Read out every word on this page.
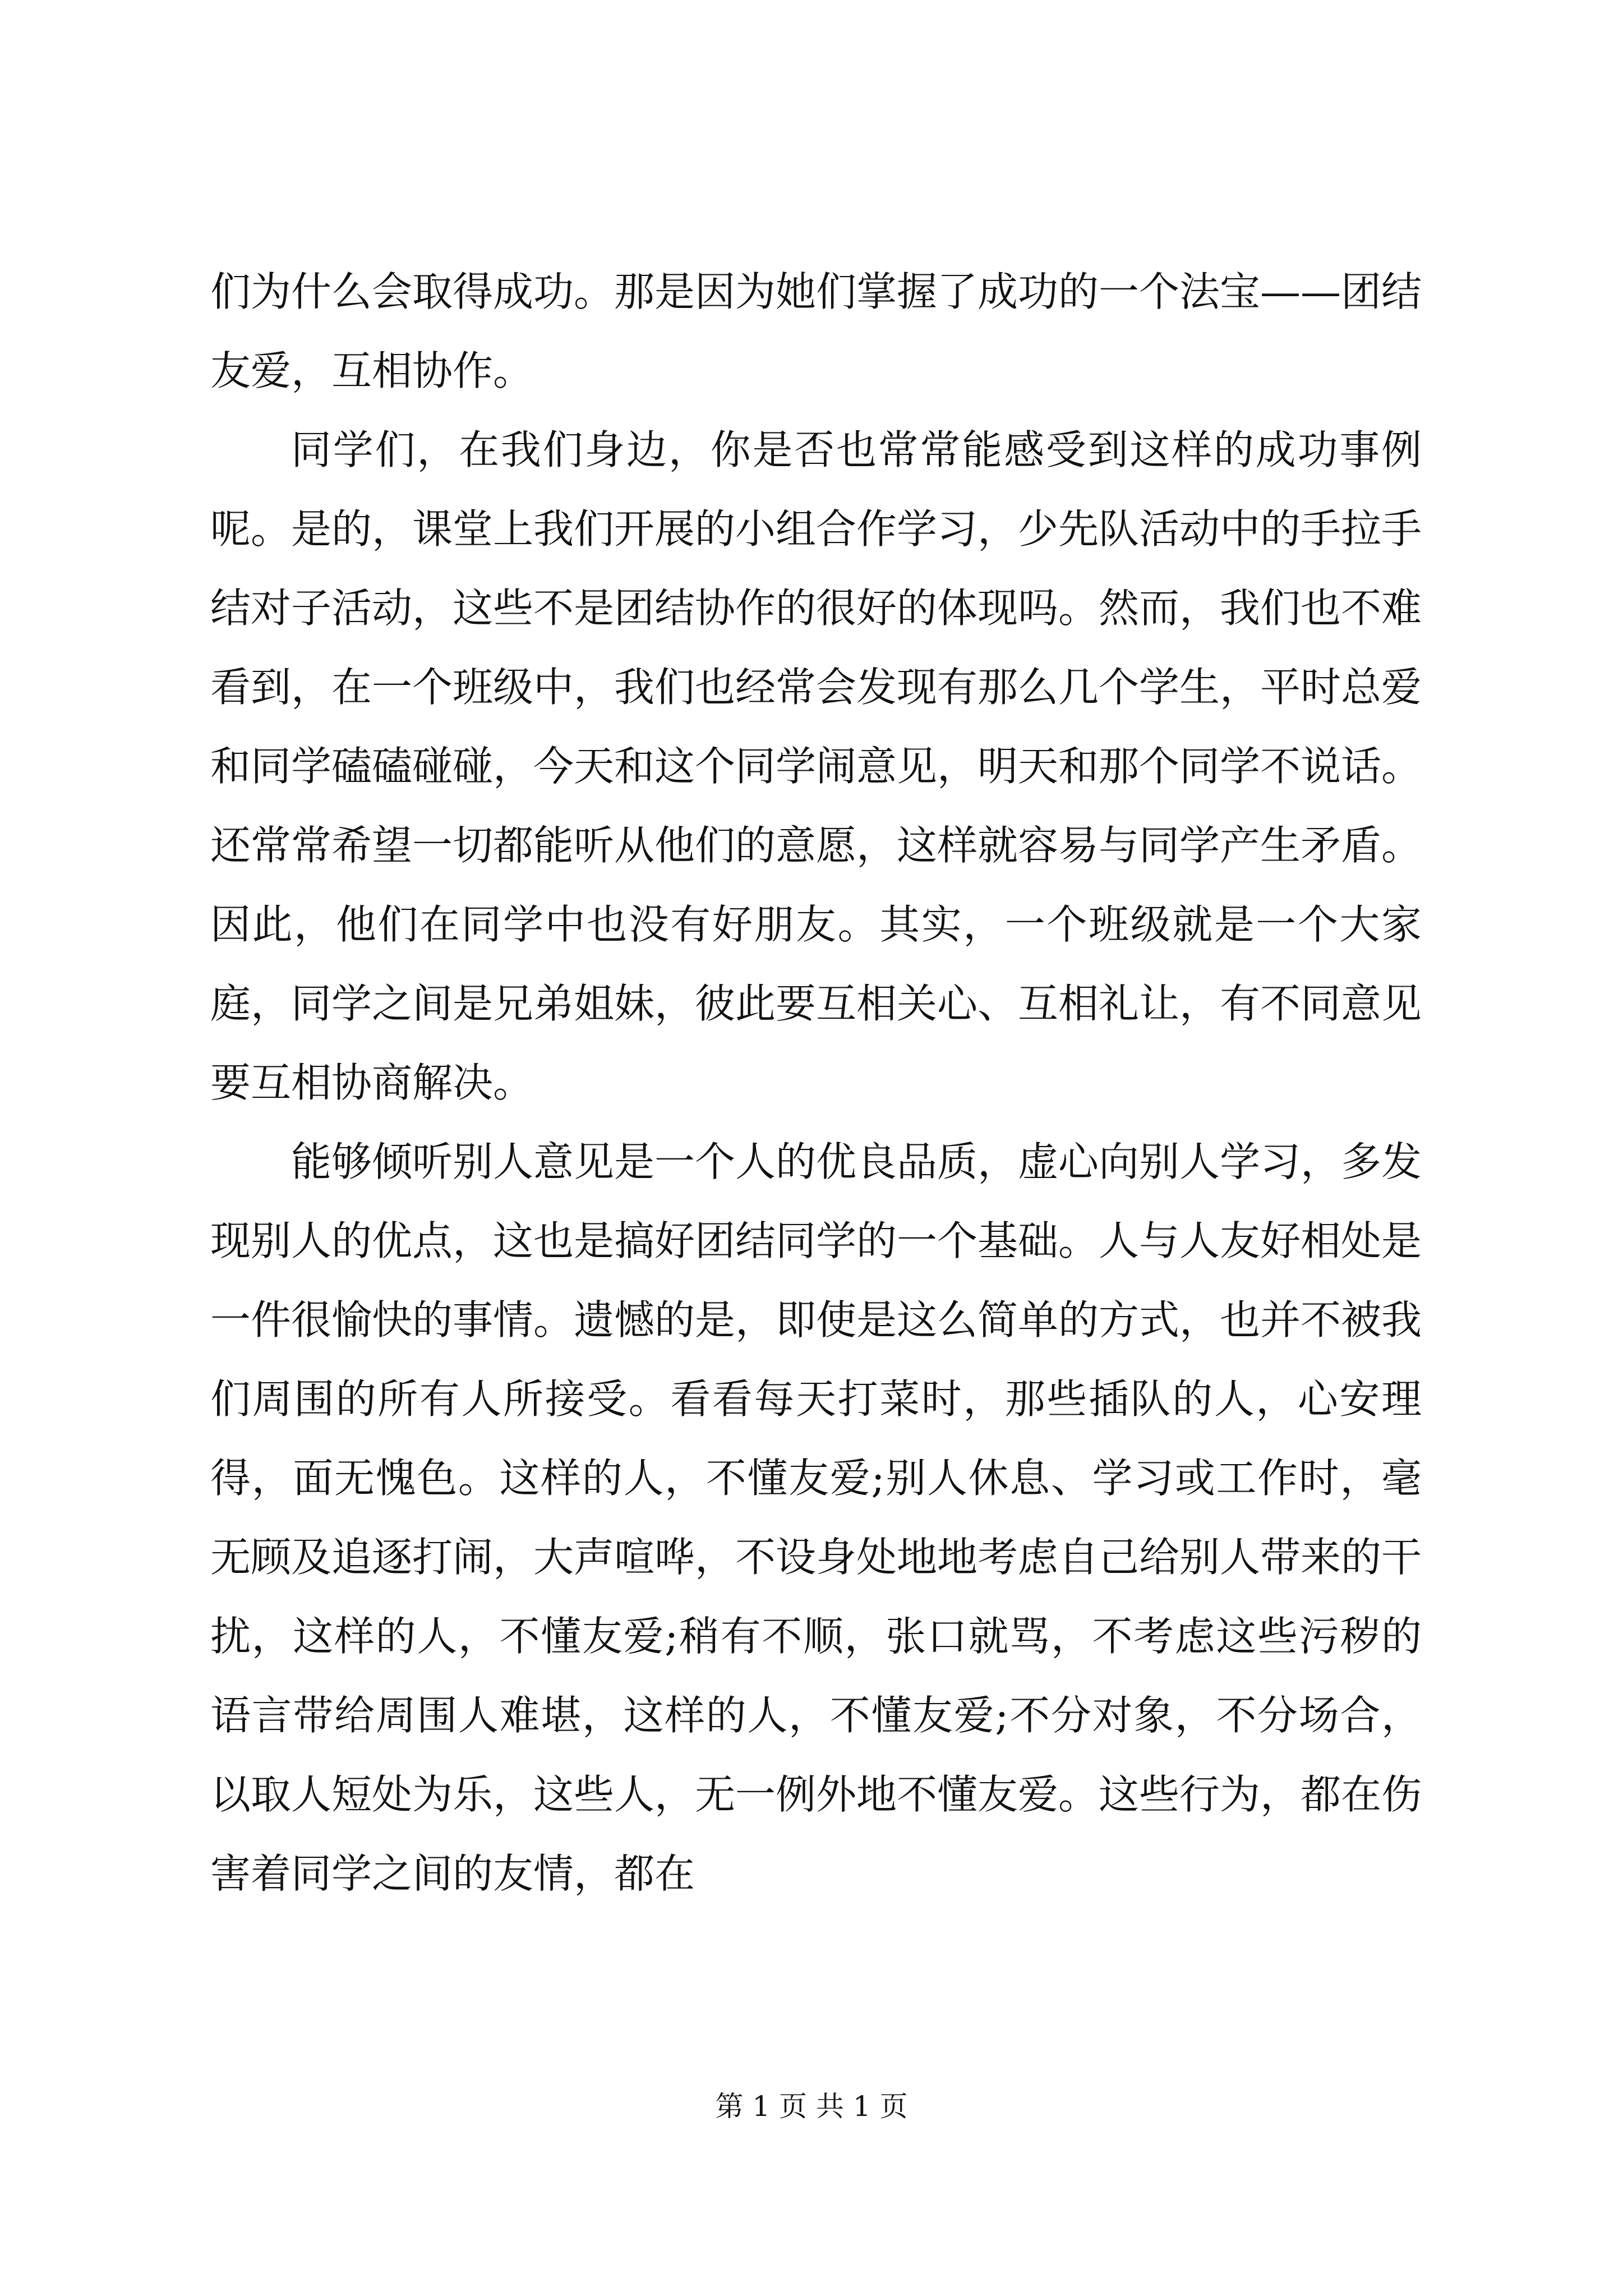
们为什么会取得成功。那是因为她们掌握了成功的一个法宝——团结友爱，互相协作。

同学们，在我们身边，你是否也常常能感受到这样的成功事例呢。是的，课堂上我们开展的小组合作学习，少先队活动中的手拉手结对子活动，这些不是团结协作的很好的体现吗。然而，我们也不难看到，在一个班级中，我们也经常会发现有那么几个学生，平时总爱和同学磕磕碰碰，今天和这个同学闹意见，明天和那个同学不说话。还常常希望一切都能听从他们的意愿，这样就容易与同学产生矛盾。因此，他们在同学中也没有好朋友。其实，一个班级就是一个大家庭，同学之间是兄弟姐妹，彼此要互相关心、互相礼让，有不同意见要互相协商解决。

能够倾听别人意见是一个人的优良品质，虚心向别人学习，多发现别人的优点，这也是搞好团结同学的一个基础。人与人友好相处是一件很愉快的事情。遗憾的是，即使是这么简单的方式，也并不被我们周围的所有人所接受。看看每天打菜时，那些插队的人，心安理得，面无愧色。这样的人，不懂友爱;别人休息、学习或工作时，毫无顾及追逐打闹，大声喧哗，不设身处地地考虑自己给别人带来的干扰，这样的人，不懂友爱;稍有不顺，张口就骂，不考虑这些污秽的语言带给周围人难堪，这样的人，不懂友爱;不分对象，不分场合，以取人短处为乐，这些人，无一例外地不懂友爱。这些行为，都在伤害着同学之间的友情，都在

第 1 页 共 1 页
